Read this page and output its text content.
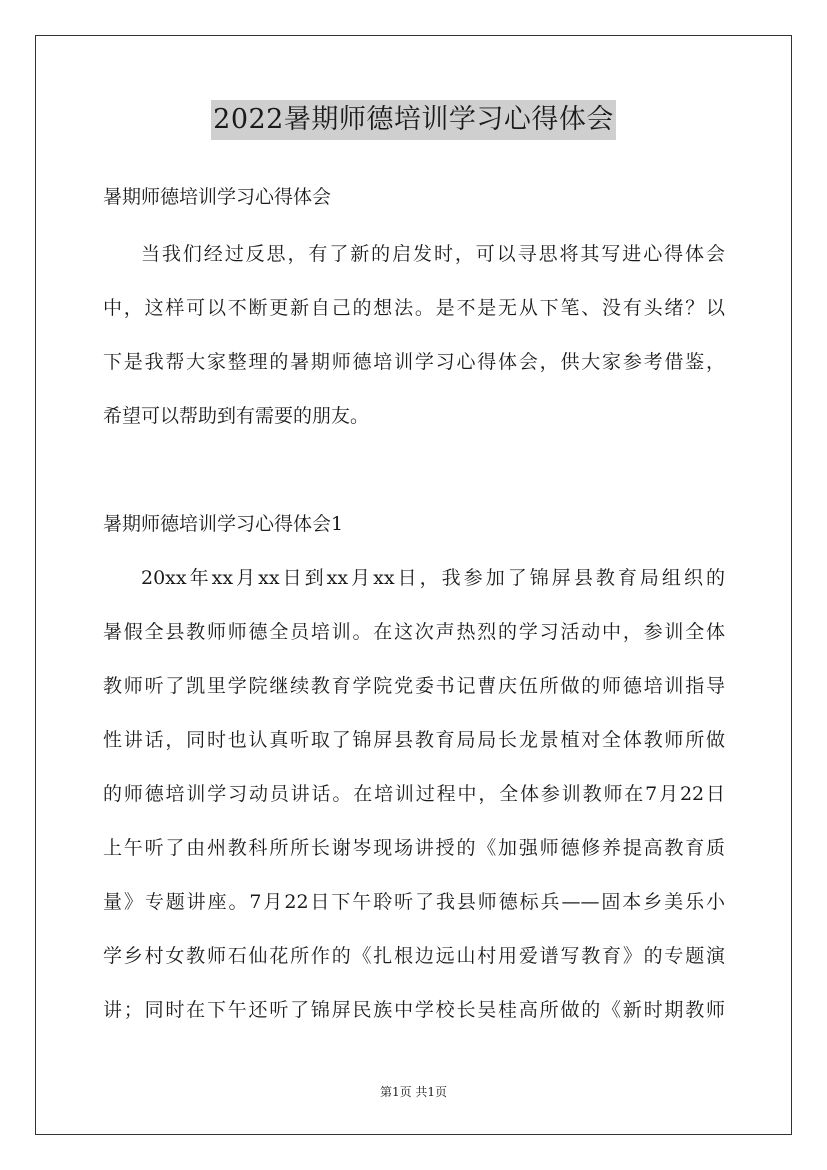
2022暑期师德培训学习心得体会
暑期师德培训学习心得体会
当我们经过反思，有了新的启发时，可以寻思将其写进心得体会
中，这样可以不断更新自己的想法。是不是无从下笔、没有头绪？以
下是我帮大家整理的暑期师德培训学习心得体会，供大家参考借鉴，
希望可以帮助到有需要的朋友。
暑期师德培训学习心得体会1
20xx年xx月xx日到xx月xx日，我参加了锦屏县教育局组织的
暑假全县教师师德全员培训。在这次声热烈的学习活动中，参训全体
教师听了凯里学院继续教育学院党委书记曹庆伍所做的师德培训指导
性讲话，同时也认真听取了锦屏县教育局局长龙景植对全体教师所做
的师德培训学习动员讲话。在培训过程中，全体参训教师在7月22日
上午听了由州教科所所长谢岑现场讲授的《加强师德修养提高教育质
量》专题讲座。7月22日下午聆听了我县师德标兵——固本乡美乐小
学乡村女教师石仙花所作的《扎根边远山村用爱谱写教育》的专题演
讲；同时在下午还听了锦屏民族中学校长吴桂高所做的《新时期教师
第1页 共1页
